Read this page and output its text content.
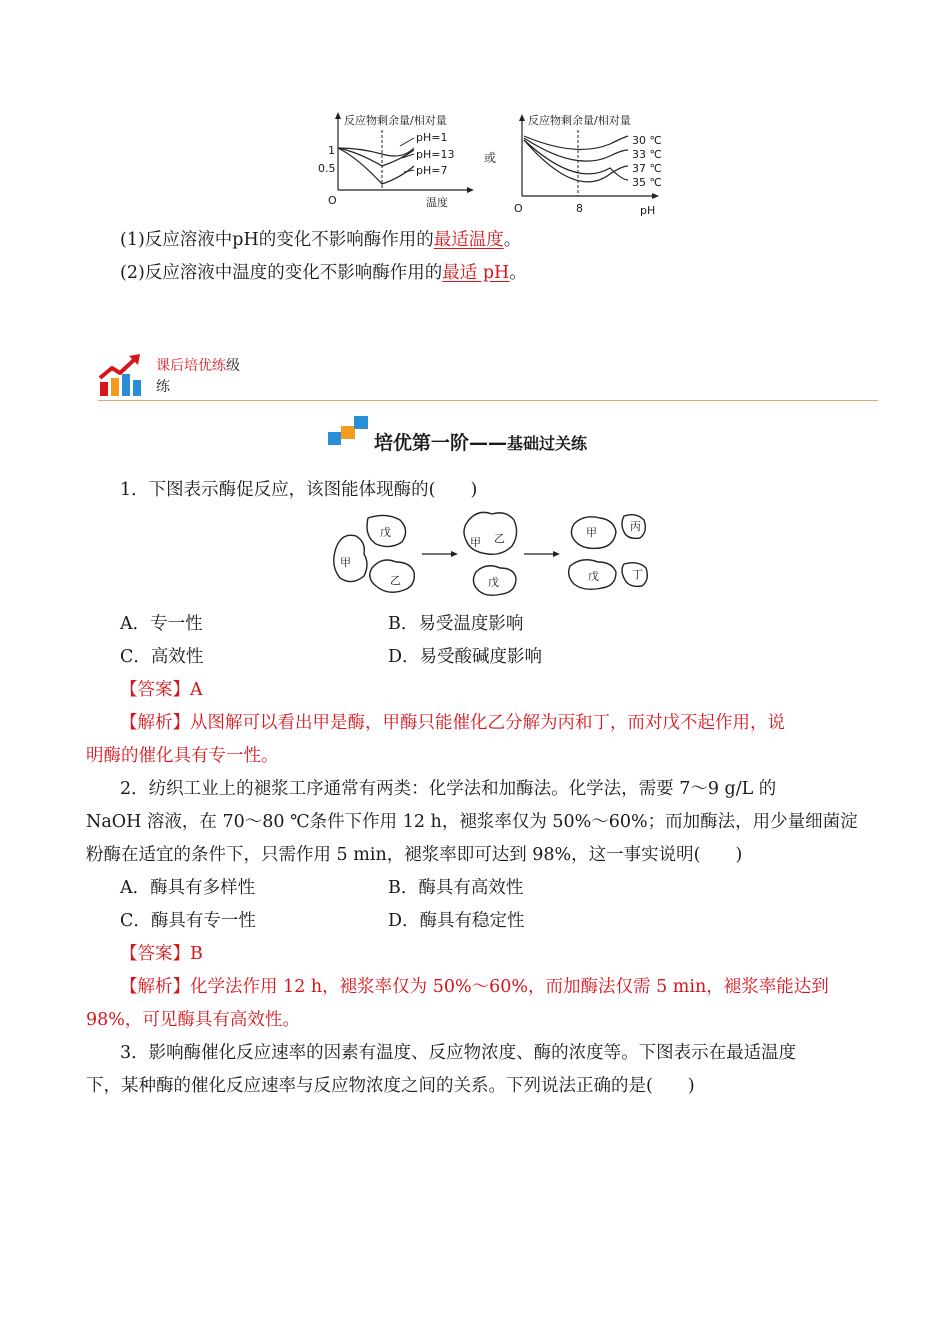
反应物剩余量/相对量
1
0.5
O	温度
pH=1
pH=13
pH=7
或
反应物剩余量/相对量
O	8	pH
30 ℃
33 ℃
37 ℃
35 ℃
(1)反应溶液中pH的变化不影响酶作用的最适温度。
(2)反应溶液中温度的变化不影响酶作用的最适 pH。
课后培优练级
练
培优第一阶——基础过关练
1．下图表示酶促反应，该图能体现酶的(　　)
戊
甲
乙
甲 乙
戊
甲	丙
戊	丁
A．专一性	B．易受温度影响
C．高效性	D．易受酸碱度影响
【答案】A
【解析】从图解可以看出甲是酶，甲酶只能催化乙分解为丙和丁，而对戊不起作用，说
明酶的催化具有专一性。
2．纺织工业上的褪浆工序通常有两类：化学法和加酶法。化学法，需要 7～9 g/L 的
NaOH 溶液，在 70～80 ℃条件下作用 12 h，褪浆率仅为 50%～60%；而加酶法，用少量细菌淀
粉酶在适宜的条件下，只需作用 5 min，褪浆率即可达到 98%，这一事实说明(　　)
A．酶具有多样性	B．酶具有高效性
C．酶具有专一性	D．酶具有稳定性
【答案】B
【解析】化学法作用 12 h，褪浆率仅为 50%～60%，而加酶法仅需 5 min，褪浆率能达到
98%，可见酶具有高效性。
3．影响酶催化反应速率的因素有温度、反应物浓度、酶的浓度等。下图表示在最适温度
下，某种酶的催化反应速率与反应物浓度之间的关系。下列说法正确的是(　　)
